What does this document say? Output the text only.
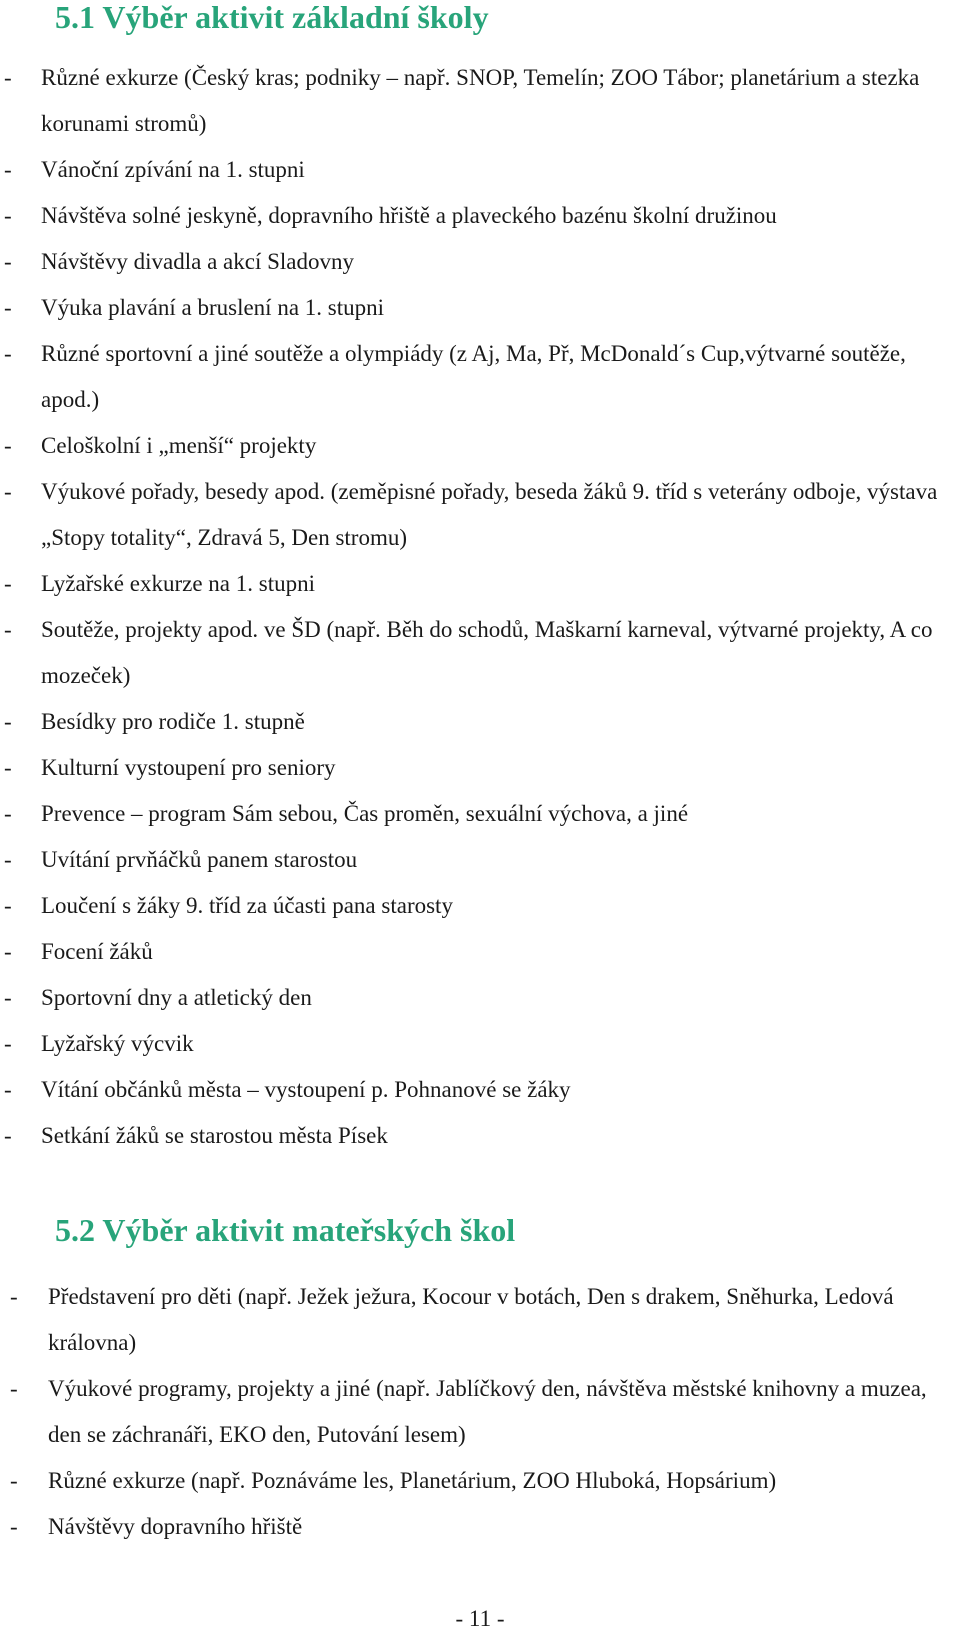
5.1 Výběr aktivit základní školy
- Různé exkurze (Český kras; podniky – např. SNOP, Temelín; ZOO Tábor; planetárium a stezka korunami stromů)
- Vánoční zpívání na 1. stupni
- Návštěva solné jeskyně, dopravního hřiště a plaveckého bazénu školní družinou
- Návštěvy divadla a akcí Sladovny
- Výuka plavání a bruslení na 1. stupni
- Různé sportovní a jiné soutěže a olympiády (z Aj, Ma, Př, McDonald´s Cup,výtvarné soutěže, apod.)
- Celoškolní i „menší“ projekty
- Výukové pořady, besedy apod. (zeměpisné pořady, beseda žáků 9. tříd s veterány odboje, výstava „Stopy totality“, Zdravá 5, Den stromu)
- Lyžařské exkurze na 1. stupni
- Soutěže, projekty apod. ve ŠD (např. Běh do schodů, Maškarní karneval, výtvarné projekty, A co mozeček)
- Besídky pro rodiče 1. stupně
- Kulturní vystoupení pro seniory
- Prevence – program Sám sebou, Čas proměn, sexuální výchova, a jiné
- Uvítání prvňáčků panem starostou
- Loučení s žáky 9. tříd za účasti pana starosty
- Focení žáků
- Sportovní dny a atletický den
- Lyžařský výcvik
- Vítání občánků města – vystoupení p. Pohnanové se žáky
- Setkání žáků se starostou města Písek
5.2 Výběr aktivit mateřských škol
- Představení pro děti (např. Ježek ježura, Kocour v botách, Den s drakem, Sněhurka, Ledová královna)
- Výukové programy, projekty a jiné (např. Jablíčkový den, návštěva městské knihovny a muzea, den se záchranáři, EKO den, Putování lesem)
- Různé exkurze (např. Poznáváme les, Planetárium, ZOO Hluboká, Hopsárium)
- Návštěvy dopravního hřiště
- 11 -
